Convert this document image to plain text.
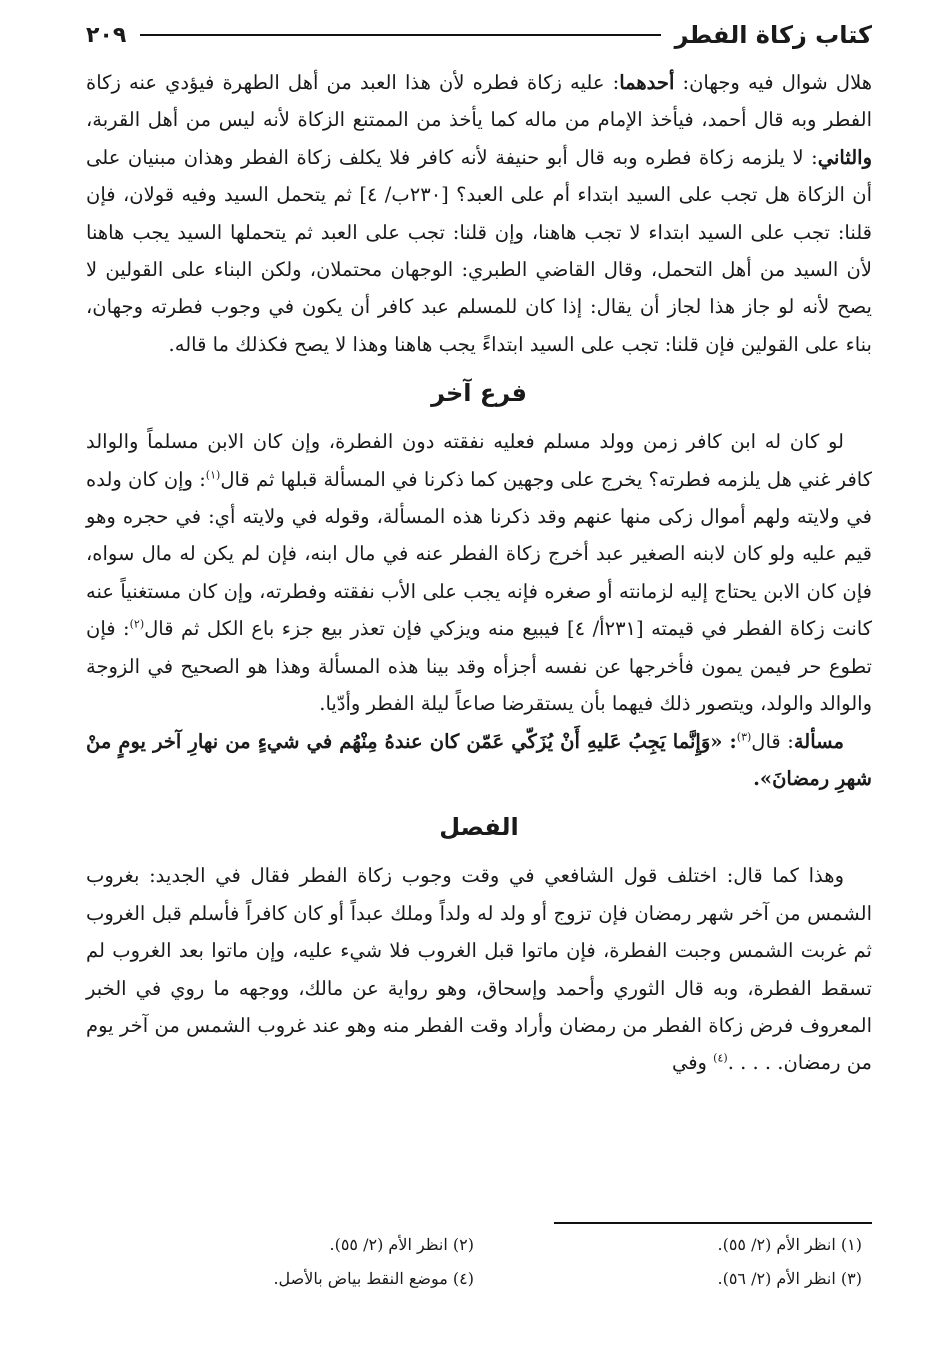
كتاب زكاة الفطر
٢٠٩

هلال شوال فيه وجهان: أحدهما: عليه زكاة فطره لأن هذا العبد من أهل الطهرة فيؤدي عنه زكاة الفطر وبه قال أحمد، فيأخذ الإمام من ماله كما يأخذ من الممتنع الزكاة لأنه ليس من أهل القربة، والثاني: لا يلزمه زكاة فطره وبه قال أبو حنيفة لأنه كافر فلا يكلف زكاة الفطر وهذان مبنيان على أن الزكاة هل تجب على السيد ابتداء أم على العبد؟ [٢٣٠ب/ ٤] ثم يتحمل السيد وفيه قولان، فإن قلنا: تجب على السيد ابتداء لا تجب هاهنا، وإن قلنا: تجب على العبد ثم يتحملها السيد يجب هاهنا لأن السيد من أهل التحمل، وقال القاضي الطبري: الوجهان محتملان، ولكن البناء على القولين لا يصح لأنه لو جاز هذا لجاز أن يقال: إذا كان للمسلم عبد كافر أن يكون في وجوب فطرته وجهان، بناء على القولين فإن قلنا: تجب على السيد ابتداءً يجب هاهنا وهذا لا يصح فكذلك ما قاله.

فرع آخر

لو كان له ابن كافر زمن وولد مسلم فعليه نفقته دون الفطرة، وإن كان الابن مسلماً والوالد كافر غني هل يلزمه فطرته؟ يخرج على وجهين كما ذكرنا في المسألة قبلها ثم قال$^{(١)}$: وإن كان ولده في ولايته ولهم أموال زكى منها عنهم وقد ذكرنا هذه المسألة، وقوله في ولايته أي: في حجره وهو قيم عليه ولو كان لابنه الصغير عبد أخرج زكاة الفطر عنه في مال ابنه، فإن لم يكن له مال سواه، فإن كان الابن يحتاج إليه لزمانته أو صغره فإنه يجب على الأب نفقته وفطرته، وإن كان مستغنياً عنه كانت زكاة الفطر في قيمته [٢٣١أ/ ٤] فيبيع منه ويزكي فإن تعذر بيع جزء باع الكل ثم قال$^{(٢)}$: فإن تطوع حر فيمن يمون فأخرجها عن نفسه أجزأه وقد بينا هذه المسألة وهذا هو الصحيح في الزوجة والوالد والولد، ويتصور ذلك فيهما بأن يستقرضا صاعاً ليلة الفطر وأدّيا.

مسألة: قال$^{(٣)}$: «وَإِنَّما يَجِبُ عَليهِ أَنْ يُزَكّي عَمّن كان عندهُ مِنْهُم في شيءٍ من نهارِ آخر يومٍ منْ شهرِ رمضانَ».

الفصل

وهذا كما قال: اختلف قول الشافعي في وقت وجوب زكاة الفطر فقال في الجديد: بغروب الشمس من آخر شهر رمضان فإن تزوج أو ولد له ولداً وملك عبداً أو كان كافراً فأسلم قبل الغروب ثم غربت الشمس وجبت الفطرة، فإن ماتوا قبل الغروب فلا شيء عليه، وإن ماتوا بعد الغروب لم تسقط الفطرة، وبه قال الثوري وأحمد وإسحاق، وهو رواية عن مالك، ووجهه ما روي في الخبر المعروف فرض زكاة الفطر من رمضان وأراد وقت الفطر منه وهو عند غروب الشمس من آخر يوم من رمضان. . . . .$^{(٤)}$ وفي

(١) انظر الأم (٢/ ٥٥).
(٢) انظر الأم (٢/ ٥٥).
(٣) انظر الأم (٢/ ٥٦).
(٤) موضع النقط بياض بالأصل.
